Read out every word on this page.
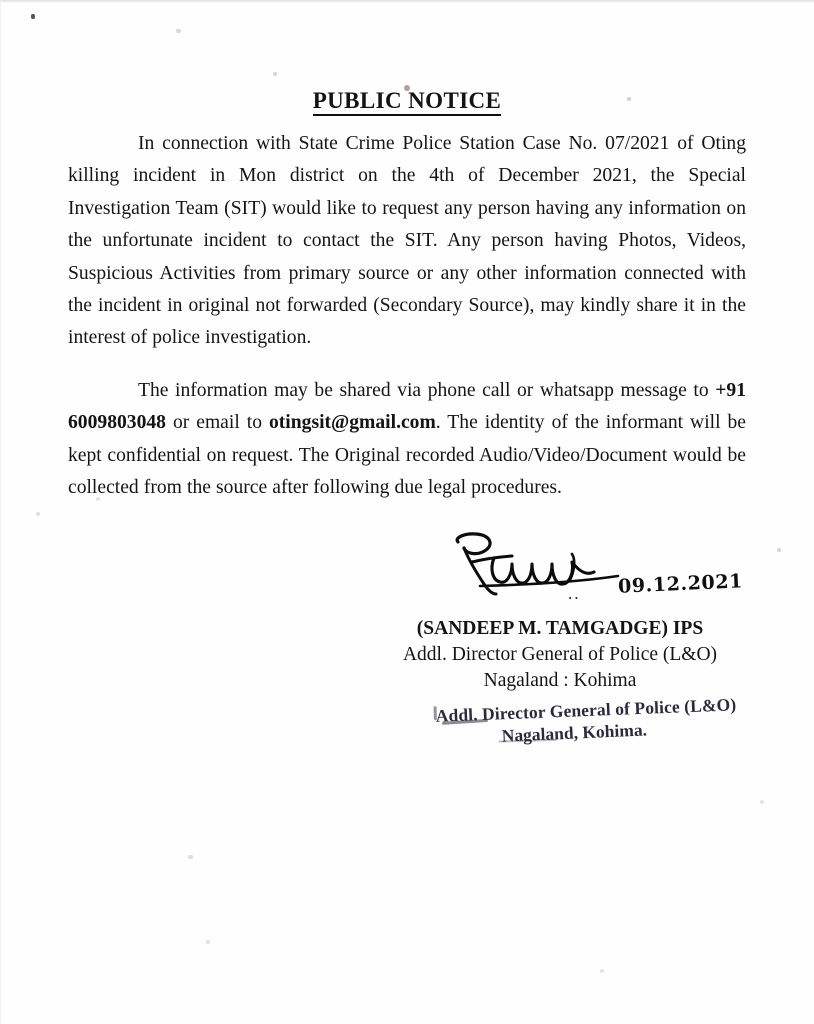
PUBLIC NOTICE

In connection with State Crime Police Station Case No. 07/2021 of Oting killing incident in Mon district on the 4th of December 2021, the Special Investigation Team (SIT) would like to request any person having any information on the unfortunate incident to contact the SIT. Any person having Photos, Videos, Suspicious Activities from primary source or any other information connected with the incident in original not forwarded (Secondary Source), may kindly share it in the interest of police investigation.

The information may be shared via phone call or whatsapp message to +91 6009803048 or email to otingsit@gmail.com. The identity of the informant will be kept confidential on request. The Original recorded Audio/Video/Document would be collected from the source after following due legal procedures.

.. 09.12.2021
(SANDEEP M. TAMGADGE) IPS
Addl. Director General of Police (L&O)
Nagaland : Kohima
Addl. Director General of Police (L&O)
Nagaland, Kohima.
